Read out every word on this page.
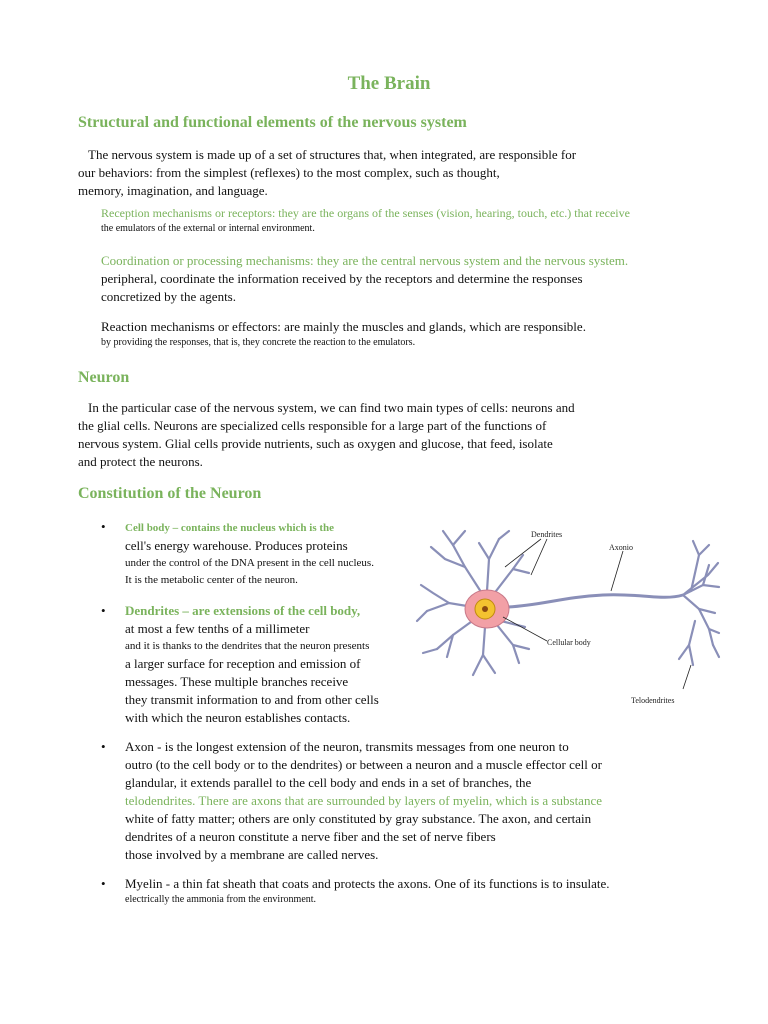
The Brain
Structural and functional elements of the nervous system
The nervous system is made up of a set of structures that, when integrated, are responsible for
our behaviors: from the simplest (reflexes) to the most complex, such as thought,
memory, imagination, and language.
Reception mechanisms or receptors: they are the organs of the senses (vision, hearing, touch, etc.) that receive
the emulators of the external or internal environment.
Coordination or processing mechanisms: they are the central nervous system and the nervous system.
peripheral, coordinate the information received by the receptors and determine the responses
concretized by the agents.
Reaction mechanisms or effectors: are mainly the muscles and glands, which are responsible.
by providing the responses, that is, they concrete the reaction to the emulators.
Neuron
In the particular case of the nervous system, we can find two main types of cells: neurons and
the glial cells. Neurons are specialized cells responsible for a large part of the functions of
nervous system. Glial cells provide nutrients, such as oxygen and glucose, that feed, isolate
and protect the neurons.
Constitution of the Neuron
• Cell body – contains the nucleus which is the
cell's energy warehouse. Produces proteins
under the control of the DNA present in the cell nucleus.
It is the metabolic center of the neuron.
• Dendrites – are extensions of the cell body,
at most a few tenths of a millimeter
and it is thanks to the dendrites that the neuron presents
a larger surface for reception and emission of
messages. These multiple branches receive
they transmit information to and from other cells
with which the neuron establishes contacts.
Dendrites
Axonio
Cellular body
Telodendrites
• Axon - is the longest extension of the neuron, transmits messages from one neuron to
outro (to the cell body or to the dendrites) or between a neuron and a muscle effector cell or
glandular, it extends parallel to the cell body and ends in a set of branches, the
telodendrites. There are axons that are surrounded by layers of myelin, which is a substance
white of fatty matter; others are only constituted by gray substance. The axon, and certain
dendrites of a neuron constitute a nerve fiber and the set of nerve fibers
those involved by a membrane are called nerves.
• Myelin - a thin fat sheath that coats and protects the axons. One of its functions is to insulate.
electrically the ammonia from the environment.
